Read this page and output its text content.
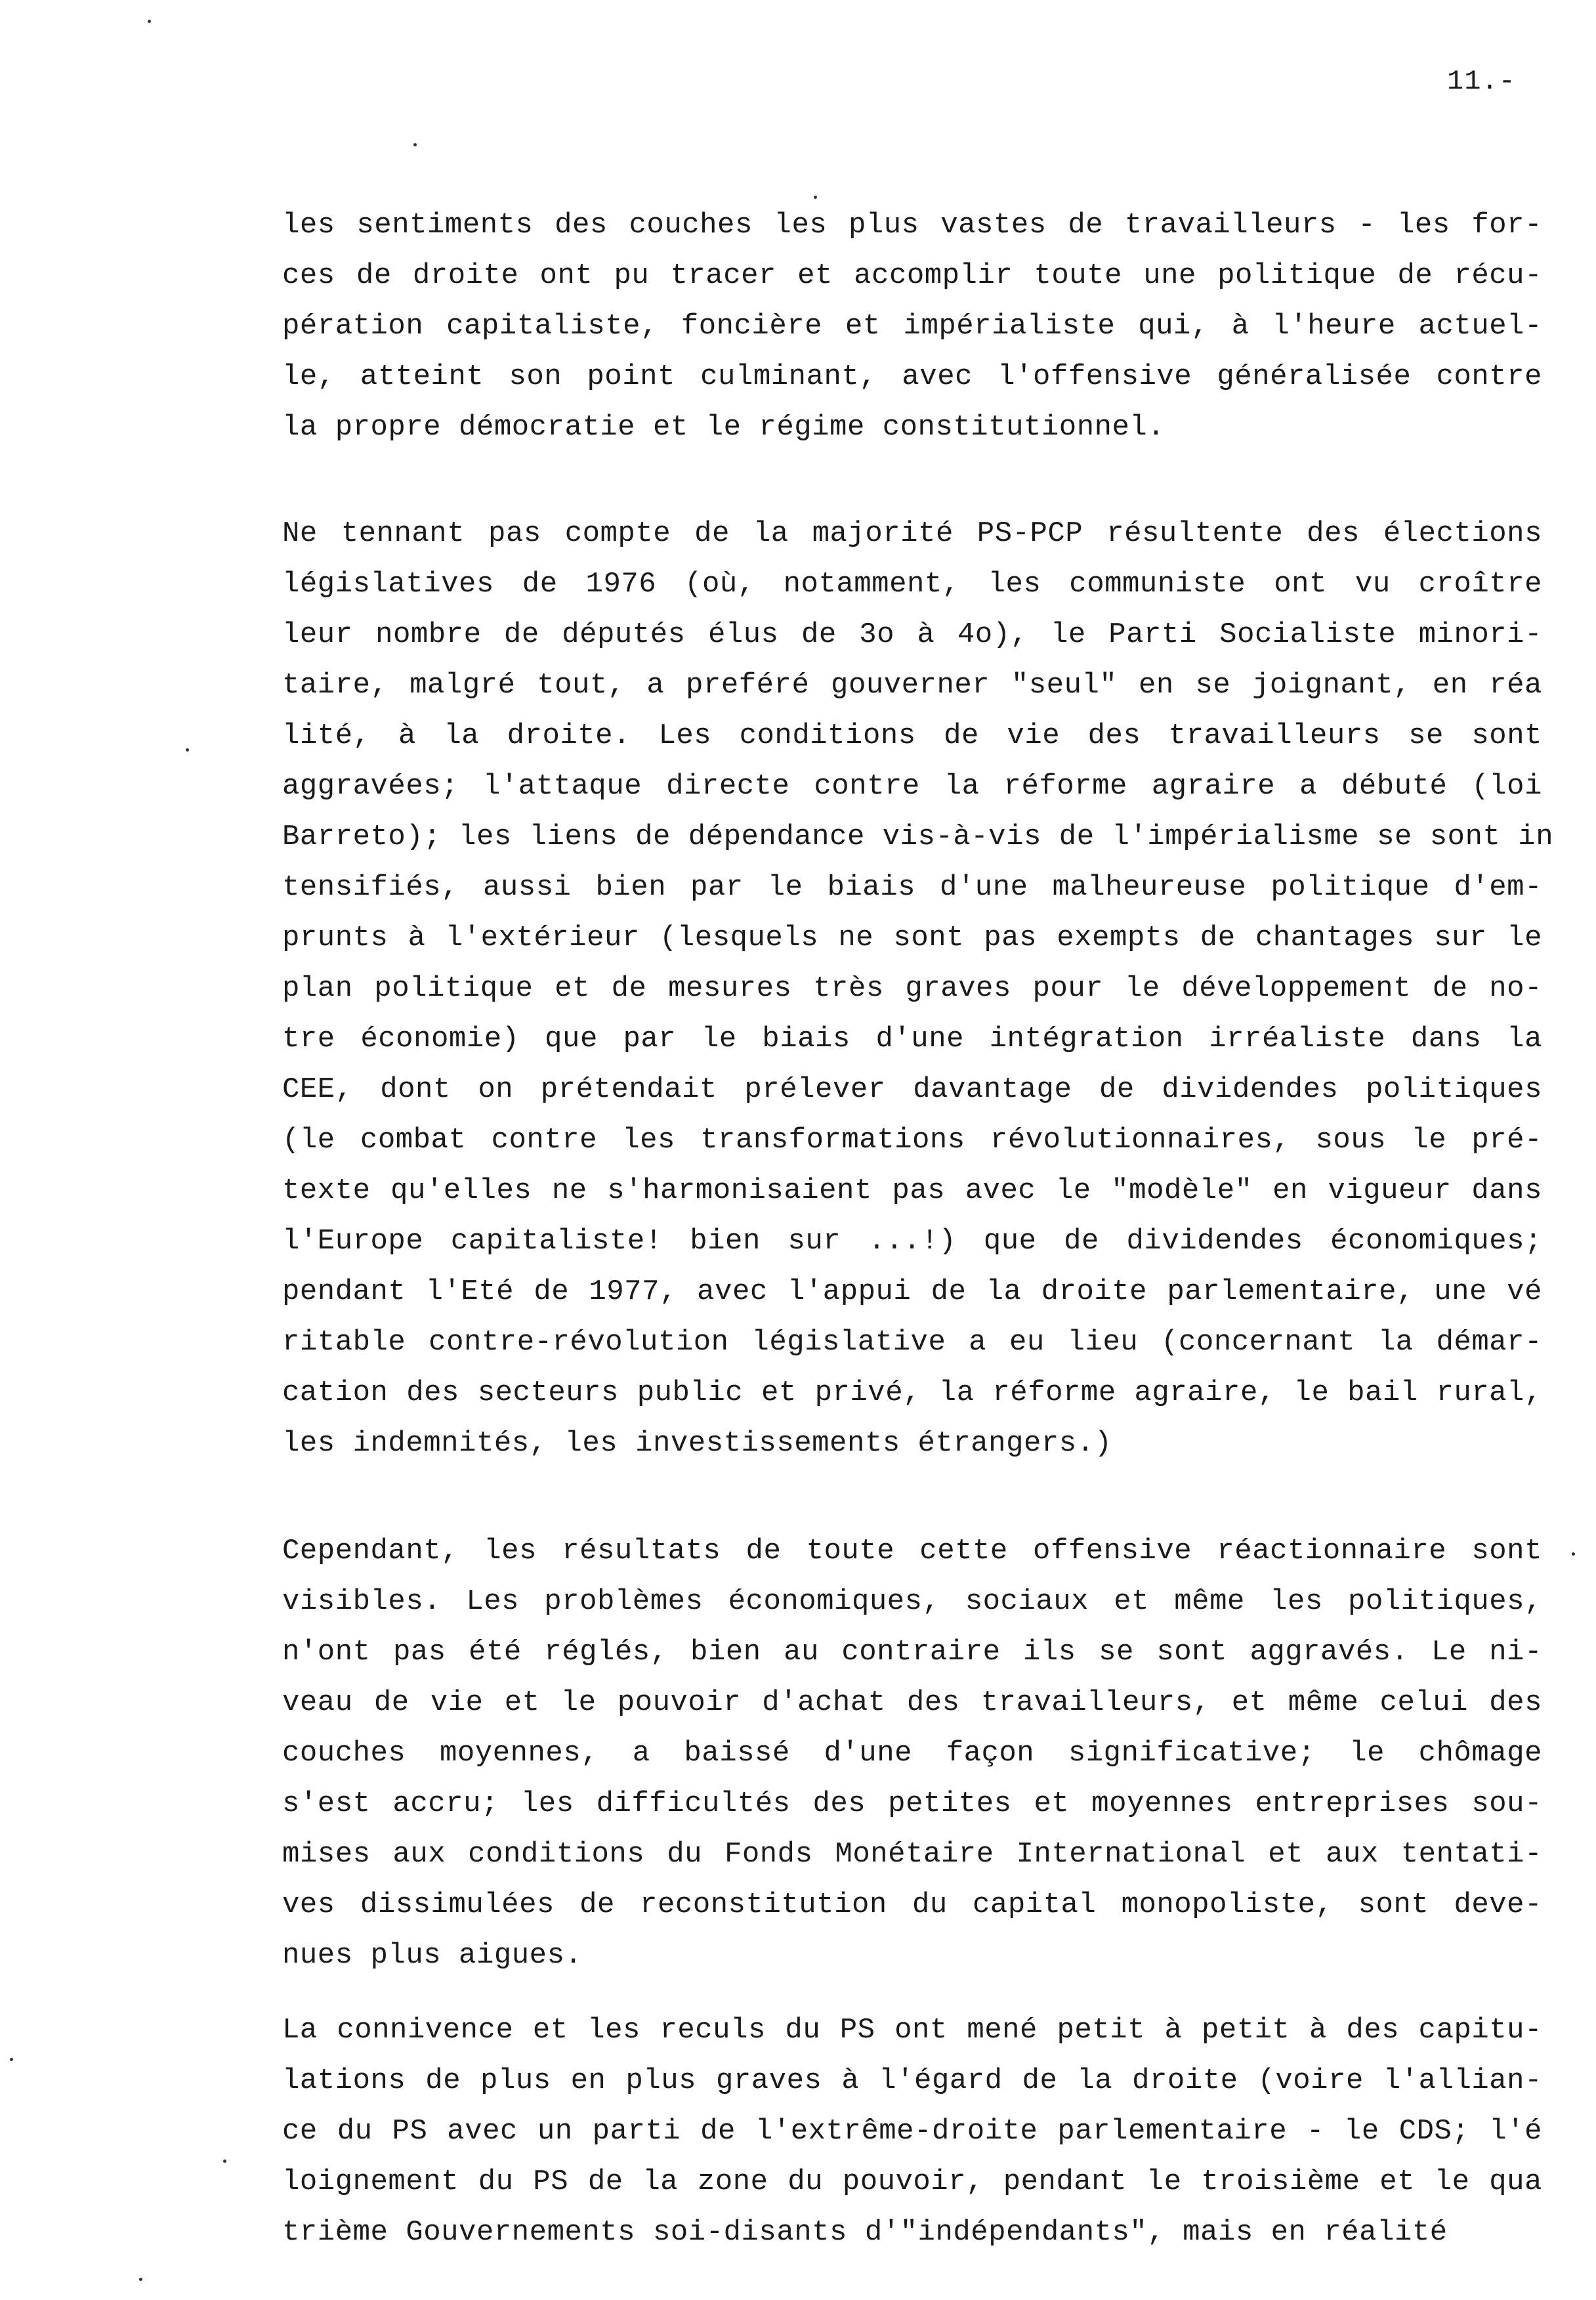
11.-
les sentiments des couches les plus vastes de travailleurs - les for-
ces de droite ont pu tracer et accomplir toute une politique de récu-
pération capitaliste, foncière et impérialiste qui, à l'heure actuel-
le, atteint son point culminant, avec l'offensive généralisée contre
la propre démocratie et le régime constitutionnel.
Ne tennant pas compte de la majorité PS-PCP résultente des élections
législatives de 1976 (où, notamment, les communiste ont vu croître
leur nombre de députés élus de 3o à 4o), le Parti Socialiste minori-
taire, malgré tout, a preféré gouverner "seul" en se joignant, en réa
lité, à la droite. Les conditions de vie des travailleurs se sont
aggravées; l'attaque directe contre la réforme agraire a débuté (loi
Barreto); les liens de dépendance vis-à-vis de l'impérialisme se sont in
tensifiés, aussi bien par le biais d'une malheureuse politique d'em-
prunts à l'extérieur (lesquels ne sont pas exempts de chantages sur le
plan politique et de mesures très graves pour le développement de no-
tre économie) que par le biais d'une intégration irréaliste dans la
CEE, dont on prétendait prélever davantage de dividendes politiques
(le combat contre les transformations révolutionnaires, sous le pré-
texte qu'elles ne s'harmonisaient pas avec le "modèle" en vigueur dans
l'Europe capitaliste! bien sur ...!) que de dividendes économiques;
pendant l'Eté de 1977, avec l'appui de la droite parlementaire, une vé
ritable contre-révolution législative a eu lieu (concernant la démar-
cation des secteurs public et privé, la réforme agraire, le bail rural,
les indemnités, les investissements étrangers.)
Cependant, les résultats de toute cette offensive réactionnaire sont
visibles. Les problèmes économiques, sociaux et même les politiques,
n'ont pas été réglés, bien au contraire ils se sont aggravés. Le ni-
veau de vie et le pouvoir d'achat des travailleurs, et même celui des
couches moyennes, a baissé d'une façon significative; le chômage
s'est accru; les difficultés des petites et moyennes entreprises sou-
mises aux conditions du Fonds Monétaire International et aux tentati-
ves dissimulées de reconstitution du capital monopoliste, sont deve-
nues plus aigues.
La connivence et les reculs du PS ont mené petit à petit à des capitu-
lations de plus en plus graves à l'égard de la droite (voire l'allian-
ce du PS avec un parti de l'extrême-droite parlementaire - le CDS; l'é
loignement du PS de la zone du pouvoir, pendant le troisième et le qua
trième Gouvernements soi-disants d'"indépendants", mais en réalité
